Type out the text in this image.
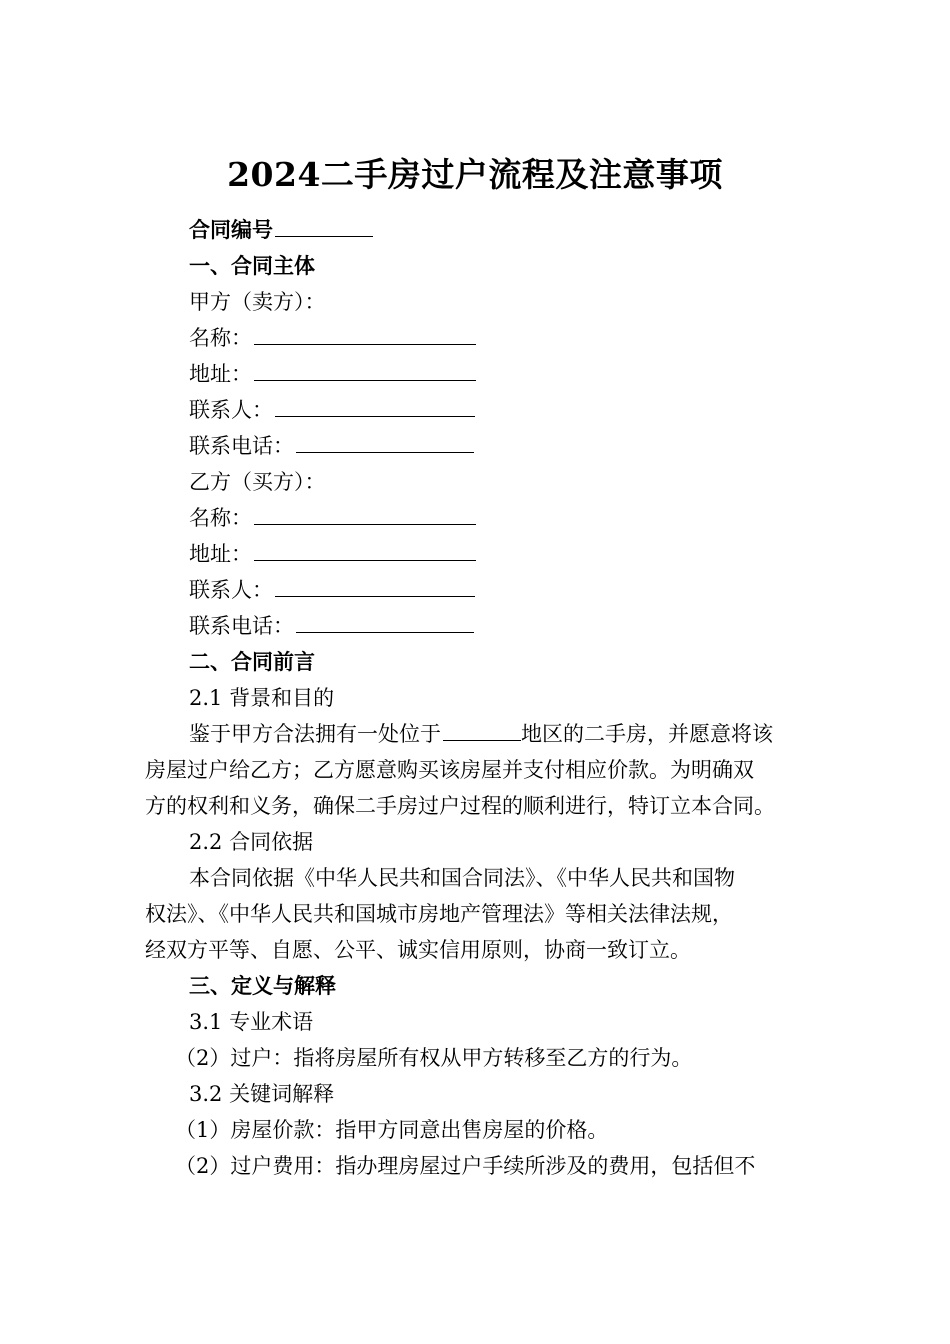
2024二手房过户流程及注意事项
合同编号
一、合同主体
甲方（卖方）：
名称：
地址：
联系人：
联系电话：
乙方（买方）：
名称：
地址：
联系人：
联系电话：
二、合同前言
2.1 背景和目的
鉴于甲方合法拥有一处位于	地区的二手房，并愿意将该
房屋过户给乙方；乙方愿意购买该房屋并支付相应价款。为明确双
方的权利和义务，确保二手房过户过程的顺利进行，特订立本合同。
2.2 合同依据
本合同依据《中华人民共和国合同法》、《中华人民共和国物
权法》、《中华人民共和国城市房地产管理法》等相关法律法规，
经双方平等、自愿、公平、诚实信用原则，协商一致订立。
三、定义与解释
3.1 专业术语
（2）过户：指将房屋所有权从甲方转移至乙方的行为。
3.2 关键词解释
（1）房屋价款：指甲方同意出售房屋的价格。
（2）过户费用：指办理房屋过户手续所涉及的费用，包括但不
